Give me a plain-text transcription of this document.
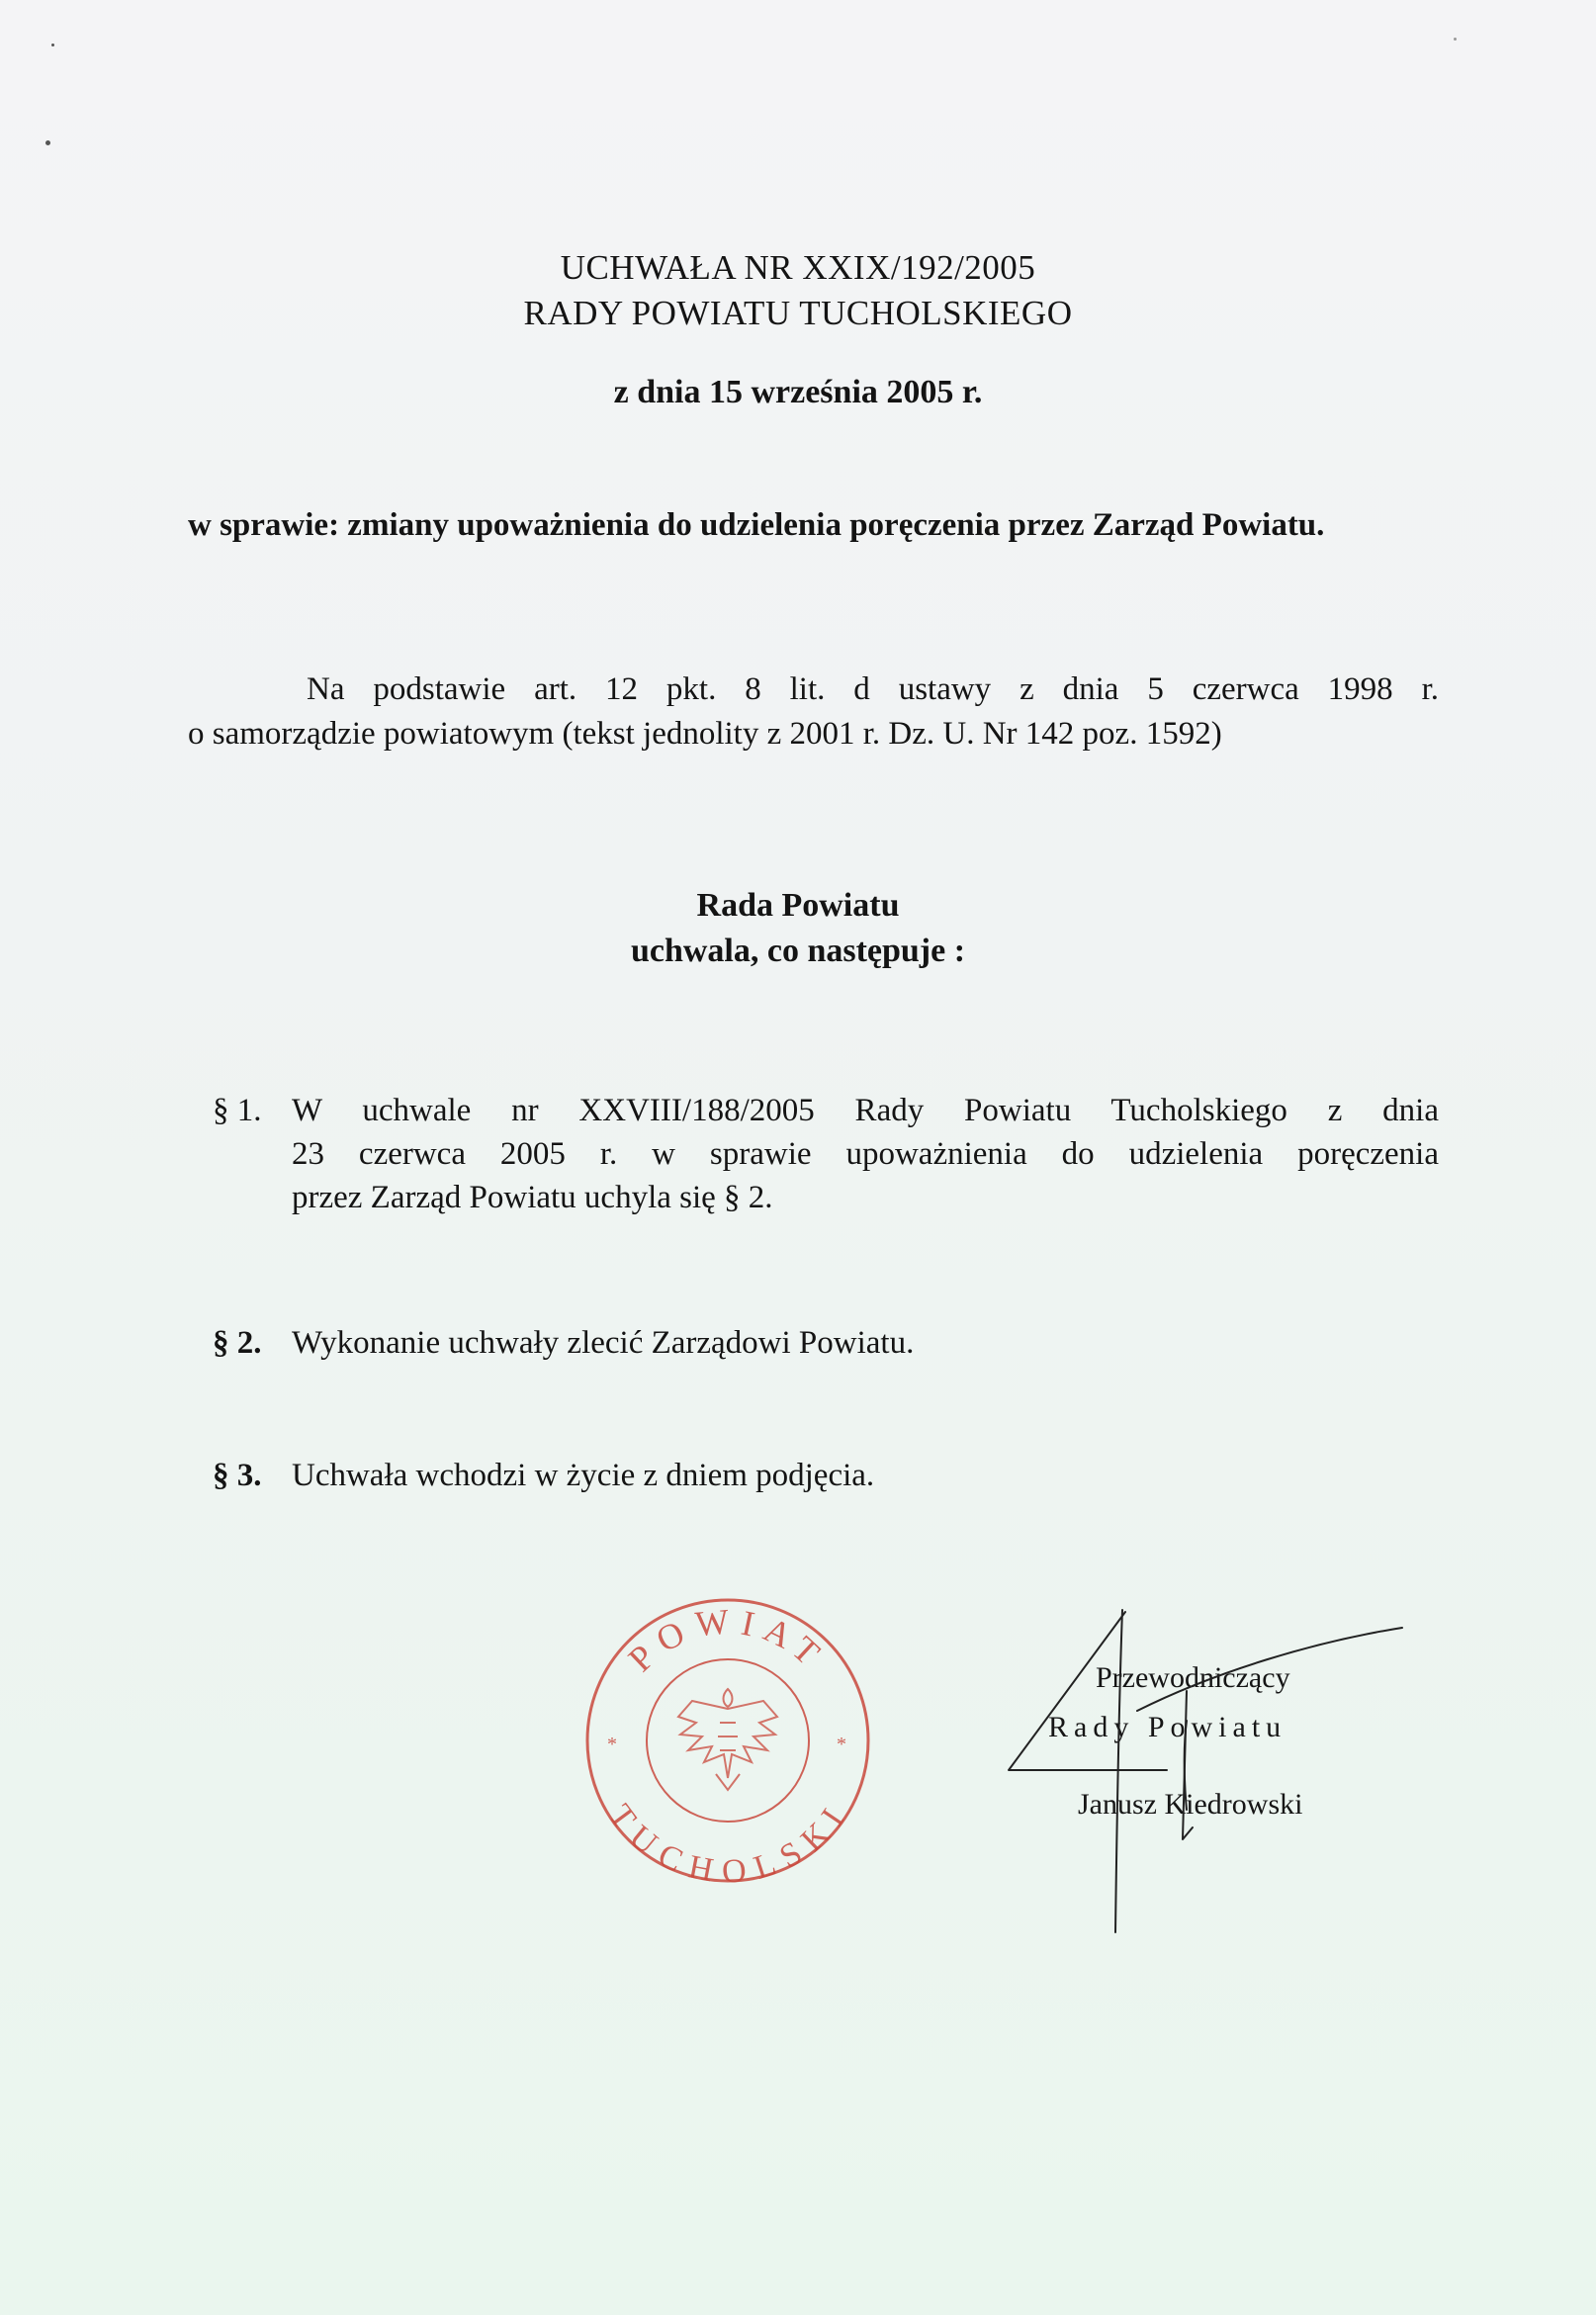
UCHWAŁA NR XXIX/192/2005
RADY POWIATU TUCHOLSKIEGO
z dnia 15 września 2005 r.
w sprawie: zmiany upoważnienia do udzielenia poręczenia przez Zarząd Powiatu.
Na podstawie art. 12 pkt. 8 lit. d ustawy z dnia 5 czerwca 1998 r.
o samorządzie powiatowym (tekst jednolity z 2001 r. Dz. U. Nr 142 poz. 1592)
Rada Powiatu
uchwala, co następuje :
§ 1. W uchwale nr XXVIII/188/2005 Rady Powiatu Tucholskiego z dnia
23 czerwca 2005 r. w sprawie upoważnienia do udzielenia poręczenia
przez Zarząd Powiatu uchyla się § 2.
§ 2. Wykonanie uchwały zlecić Zarządowi Powiatu.
§ 3. Uchwała wchodzi w życie z dniem podjęcia.
POWIAT
TUCHOLSKI
*	*
Przewodniczący
Rady Powiatu
Janusz Kiedrowski
